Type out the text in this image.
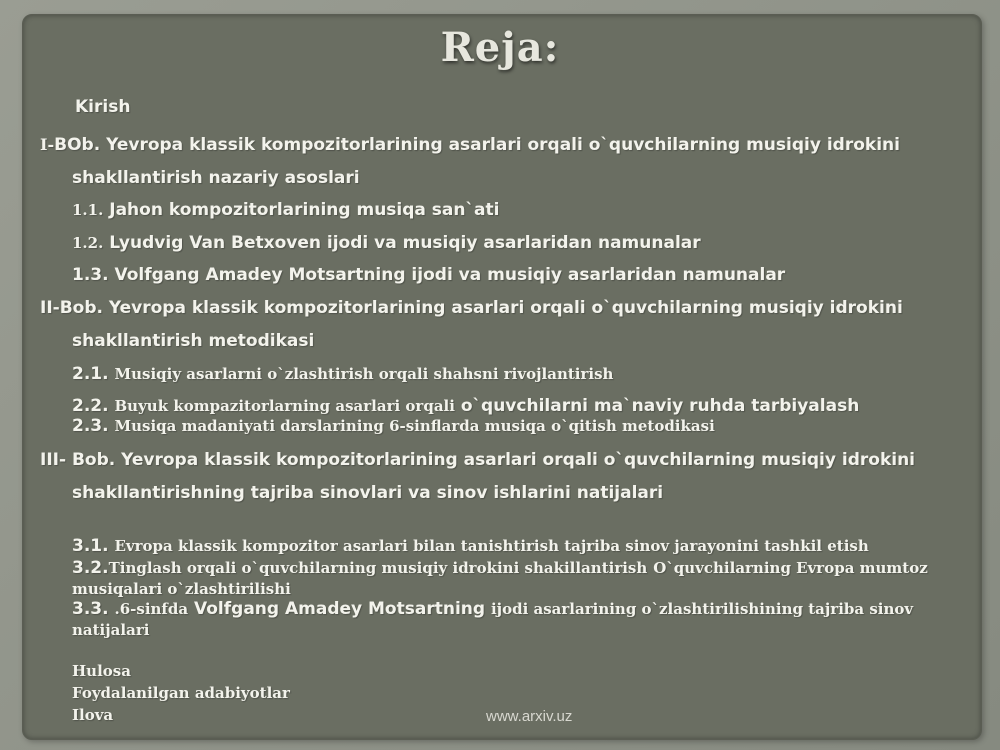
Reja:
Kirish
I-BOb. Yevropa klassik kompozitorlarining asarlari orqali o`quvchilarning musiqiy idrokini
shakllantirish nazariy asoslari
1.1. Jahon kompozitorlarining musiqa san`ati
1.2. Lyudvig Van Betxoven ijodi va musiqiy asarlaridan namunalar
1.3. Volfgang Amadey Motsartning ijodi va musiqiy asarlaridan namunalar
II-Bob. Yevropa klassik kompozitorlarining asarlari orqali o`quvchilarning musiqiy idrokini
shakllantirish metodikasi
2.1. Musiqiy asarlarni o`zlashtirish orqali shahsni rivojlantirish
2.2. Buyuk kompazitorlarning asarlari orqali o`quvchilarni ma`naviy ruhda tarbiyalash
2.3. Musiqa madaniyati darslarining 6-sinflarda musiqa o`qitish metodikasi
III- Bob. Yevropa klassik kompozitorlarining asarlari orqali o`quvchilarning musiqiy idrokini
shakllantirishning tajriba sinovlari va sinov ishlarini natijalari
3.1. Evropa klassik kompozitor asarlari bilan tanishtirish tajriba sinov jarayonini tashkil etish
3.2.Tinglash orqali o`quvchilarning musiqiy idrokini shakillantirish O`quvchilarning Evropa mumtoz
musiqalari o`zlashtirilishi
3.3. .6-sinfda Volfgang Amadey Motsartning ijodi asarlarining o`zlashtirilishining tajriba sinov
natijalari
Hulosa
Foydalanilgan adabiyotlar
Ilova	www.arxiv.uz
